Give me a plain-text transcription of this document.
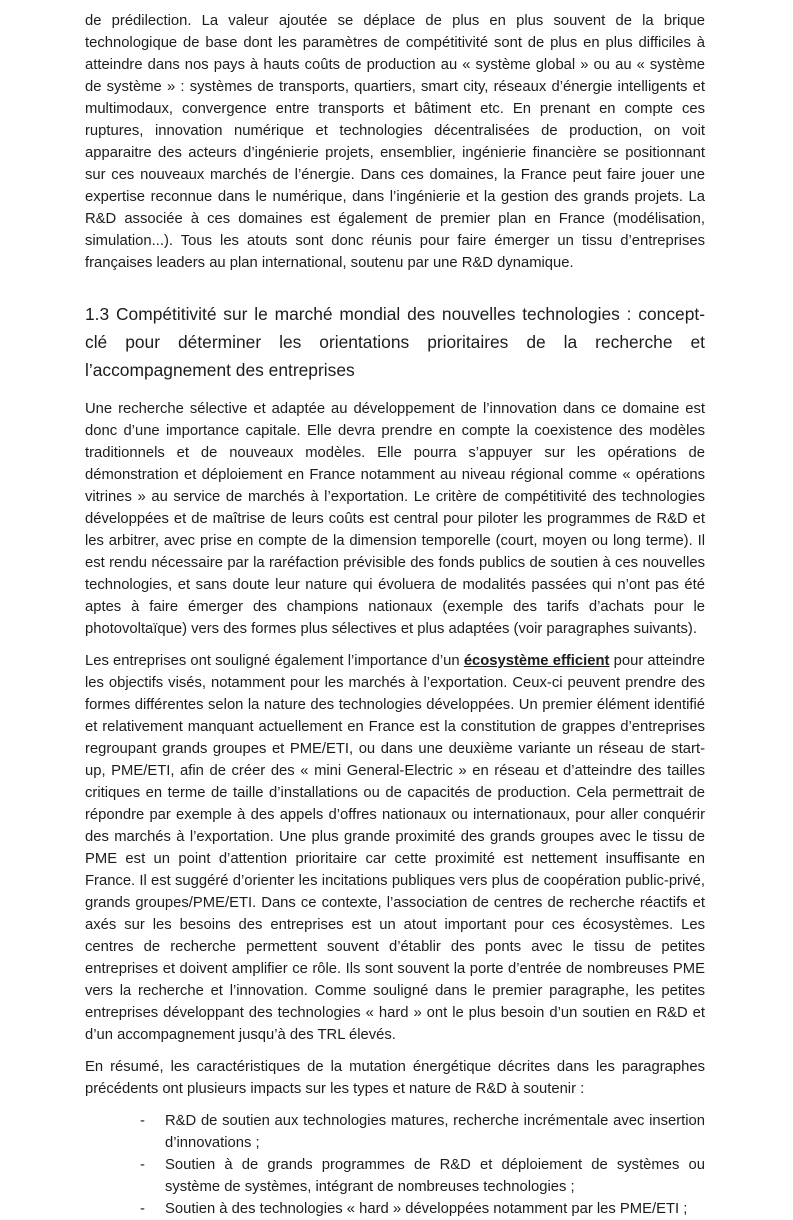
de prédilection. La valeur ajoutée se déplace de plus en plus souvent de la brique technologique de base dont les paramètres de compétitivité sont de plus en plus difficiles à atteindre dans nos pays à hauts coûts de production au « système global » ou au « système de système » : systèmes de transports, quartiers, smart city, réseaux d’énergie intelligents et multimodaux, convergence entre transports et bâtiment etc. En prenant en compte ces ruptures, innovation numérique et technologies décentralisées de production, on voit apparaitre des acteurs d’ingénierie projets, ensemblier, ingénierie financière se positionnant sur ces nouveaux marchés de l’énergie. Dans ces domaines, la France peut faire jouer une expertise reconnue dans le numérique, dans l’ingénierie et la gestion des grands projets. La R&D associée à ces domaines est également de premier plan en France (modélisation, simulation...). Tous les atouts sont donc réunis pour faire émerger un tissu d’entreprises françaises leaders au plan international, soutenu par une R&D dynamique.

1.3 Compétitivité sur le marché mondial des nouvelles technologies : concept-clé pour déterminer les orientations prioritaires de la recherche et l’accompagnement des entreprises

Une recherche sélective et adaptée au développement de l’innovation dans ce domaine est donc d’une importance capitale. Elle devra prendre en compte la coexistence des modèles traditionnels et de nouveaux modèles. Elle pourra s’appuyer sur les opérations de démonstration et déploiement en France notamment au niveau régional comme « opérations vitrines » au service de marchés à l’exportation. Le critère de compétitivité des technologies développées et de maîtrise de leurs coûts est central pour piloter les programmes de R&D et les arbitrer, avec prise en compte de la dimension temporelle (court, moyen ou long terme). Il est rendu nécessaire par la raréfaction prévisible des fonds publics de soutien à ces nouvelles technologies, et sans doute leur nature qui évoluera de modalités passées qui n’ont pas été aptes à faire émerger des champions nationaux (exemple des tarifs d’achats pour le photovoltaïque) vers des formes plus sélectives et plus adaptées (voir paragraphes suivants).

Les entreprises ont souligné également l’importance d’un écosystème efficient pour atteindre les objectifs visés, notamment pour les marchés à l’exportation. Ceux-ci peuvent prendre des formes différentes selon la nature des technologies développées. Un premier élément identifié et relativement manquant actuellement en France est la constitution de grappes d’entreprises regroupant grands groupes et PME/ETI, ou dans une deuxième variante un réseau de start-up, PME/ETI, afin de créer des « mini General-Electric » en réseau et d’atteindre des tailles critiques en terme de taille d’installations ou de capacités de production. Cela permettrait de répondre par exemple à des appels d’offres nationaux ou internationaux, pour aller conquérir des marchés à l’exportation. Une plus grande proximité des grands groupes avec le tissu de PME est un point d’attention prioritaire car cette proximité est nettement insuffisante en France. Il est suggéré d’orienter les incitations publiques vers plus de coopération public-privé, grands groupes/PME/ETI. Dans ce contexte, l’association de centres de recherche réactifs et axés sur les besoins des entreprises est un atout important pour ces écosystèmes. Les centres de recherche permettent souvent d’établir des ponts avec le tissu de petites entreprises et doivent amplifier ce rôle. Ils sont souvent la porte d’entrée de nombreuses PME vers la recherche et l’innovation. Comme souligné dans le premier paragraphe, les petites entreprises développant des technologies « hard » ont le plus besoin d’un soutien en R&D et d’un accompagnement jusqu’à des TRL élevés.

En résumé, les caractéristiques de la mutation énergétique décrites dans les paragraphes précédents ont plusieurs impacts sur les types et nature de R&D à soutenir :

- R&D de soutien aux technologies matures, recherche incrémentale avec insertion d’innovations ;
- Soutien à de grands programmes de R&D et déploiement de systèmes ou système de systèmes, intégrant de nombreuses technologies ;
- Soutien à des technologies « hard » développées notamment par les PME/ETI ;
